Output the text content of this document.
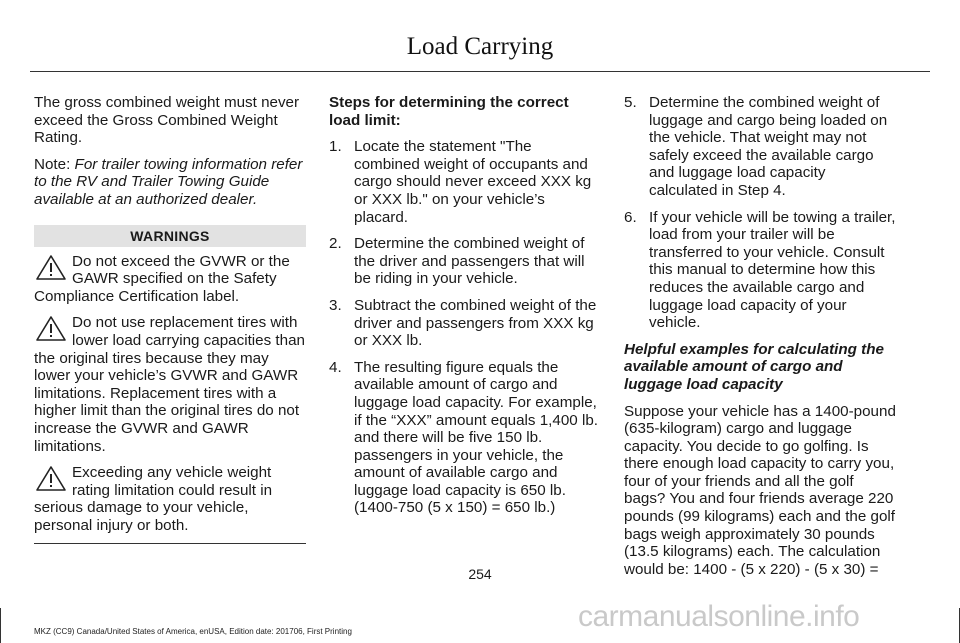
Load Carrying

The gross combined weight must never exceed the Gross Combined Weight Rating.

Note: For trailer towing information refer to the RV and Trailer Towing Guide available at an authorized dealer.

WARNINGS
Do not exceed the GVWR or the GAWR specified on the Safety Compliance Certification label.
Do not use replacement tires with lower load carrying capacities than the original tires because they may lower your vehicle’s GVWR and GAWR limitations. Replacement tires with a higher limit than the original tires do not increase the GVWR and GAWR limitations.
Exceeding any vehicle weight rating limitation could result in serious damage to your vehicle, personal injury or both.

Steps for determining the correct load limit:

1. Locate the statement "The combined weight of occupants and cargo should never exceed XXX kg or XXX lb." on your vehicle’s placard.
2. Determine the combined weight of the driver and passengers that will be riding in your vehicle.
3. Subtract the combined weight of the driver and passengers from XXX kg or XXX lb.
4. The resulting figure equals the available amount of cargo and luggage load capacity. For example, if the “XXX” amount equals 1,400 lb. and there will be five 150 lb. passengers in your vehicle, the amount of available cargo and luggage load capacity is 650 lb. (1400-750 (5 x 150) = 650 lb.)
5. Determine the combined weight of luggage and cargo being loaded on the vehicle. That weight may not safely exceed the available cargo and luggage load capacity calculated in Step 4.
6. If your vehicle will be towing a trailer, load from your trailer will be transferred to your vehicle. Consult this manual to determine how this reduces the available cargo and luggage load capacity of your vehicle.

Helpful examples for calculating the available amount of cargo and luggage load capacity

Suppose your vehicle has a 1400-pound (635-kilogram) cargo and luggage capacity. You decide to go golfing. Is there enough load capacity to carry you, four of your friends and all the golf bags? You and four friends average 220 pounds (99 kilograms) each and the golf bags weigh approximately 30 pounds (13.5 kilograms) each. The calculation would be: 1400 - (5 x 220) - (5 x 30) =

254
carmanualsonline.info
MKZ (CC9) Canada/United States of America, enUSA, Edition date: 201706, First Printing
